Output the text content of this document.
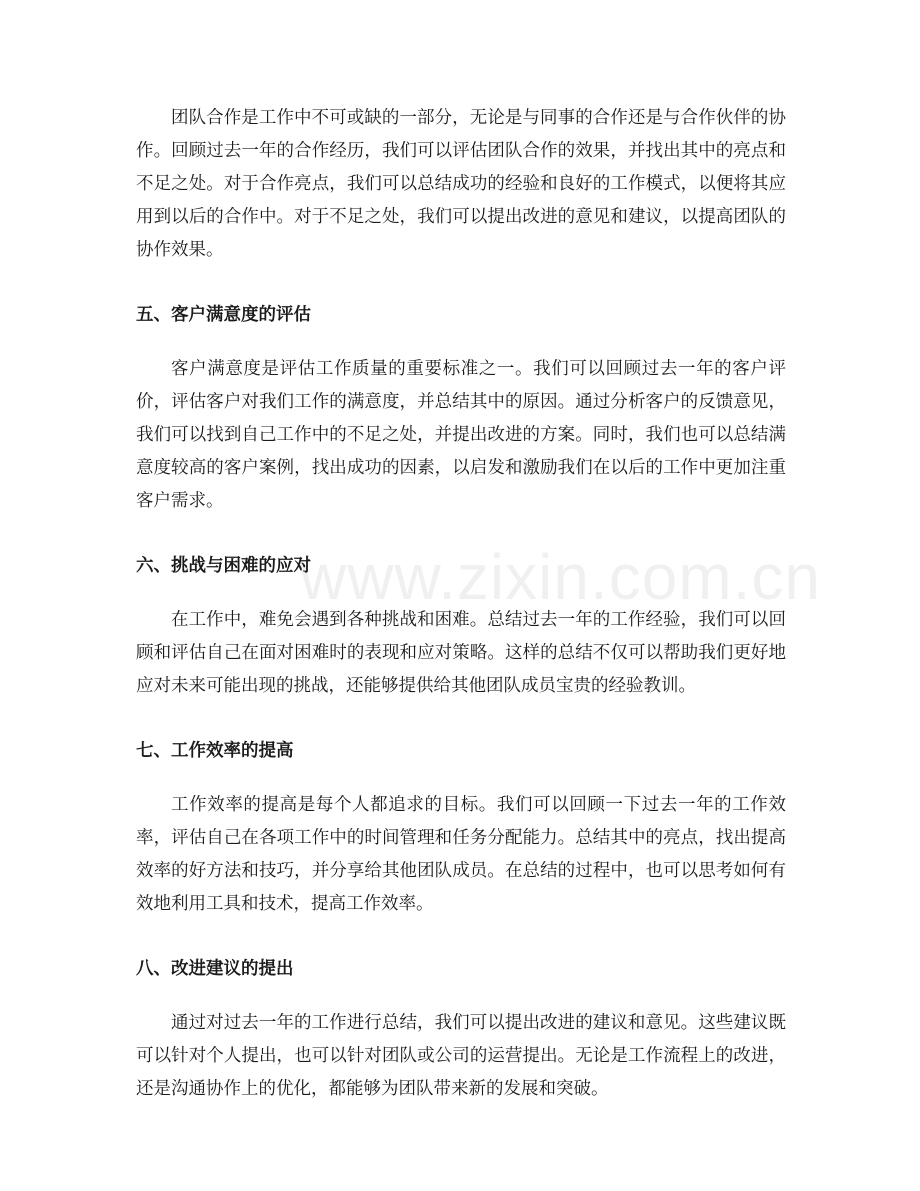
www.zixin.com.cn

团队合作是工作中不可或缺的一部分，无论是与同事的合作还是与合作伙伴的协作。回顾过去一年的合作经历，我们可以评估团队合作的效果，并找出其中的亮点和不足之处。对于合作亮点，我们可以总结成功的经验和良好的工作模式，以便将其应用到以后的合作中。对于不足之处，我们可以提出改进的意见和建议，以提高团队的协作效果。

五、客户满意度的评估

客户满意度是评估工作质量的重要标准之一。我们可以回顾过去一年的客户评价，评估客户对我们工作的满意度，并总结其中的原因。通过分析客户的反馈意见，我们可以找到自己工作中的不足之处，并提出改进的方案。同时，我们也可以总结满意度较高的客户案例，找出成功的因素，以启发和激励我们在以后的工作中更加注重客户需求。

六、挑战与困难的应对

在工作中，难免会遇到各种挑战和困难。总结过去一年的工作经验，我们可以回顾和评估自己在面对困难时的表现和应对策略。这样的总结不仅可以帮助我们更好地应对未来可能出现的挑战，还能够提供给其他团队成员宝贵的经验教训。

七、工作效率的提高

工作效率的提高是每个人都追求的目标。我们可以回顾一下过去一年的工作效率，评估自己在各项工作中的时间管理和任务分配能力。总结其中的亮点，找出提高效率的好方法和技巧，并分享给其他团队成员。在总结的过程中，也可以思考如何有效地利用工具和技术，提高工作效率。

八、改进建议的提出

通过对过去一年的工作进行总结，我们可以提出改进的建议和意见。这些建议既可以针对个人提出，也可以针对团队或公司的运营提出。无论是工作流程上的改进，还是沟通协作上的优化，都能够为团队带来新的发展和突破。
